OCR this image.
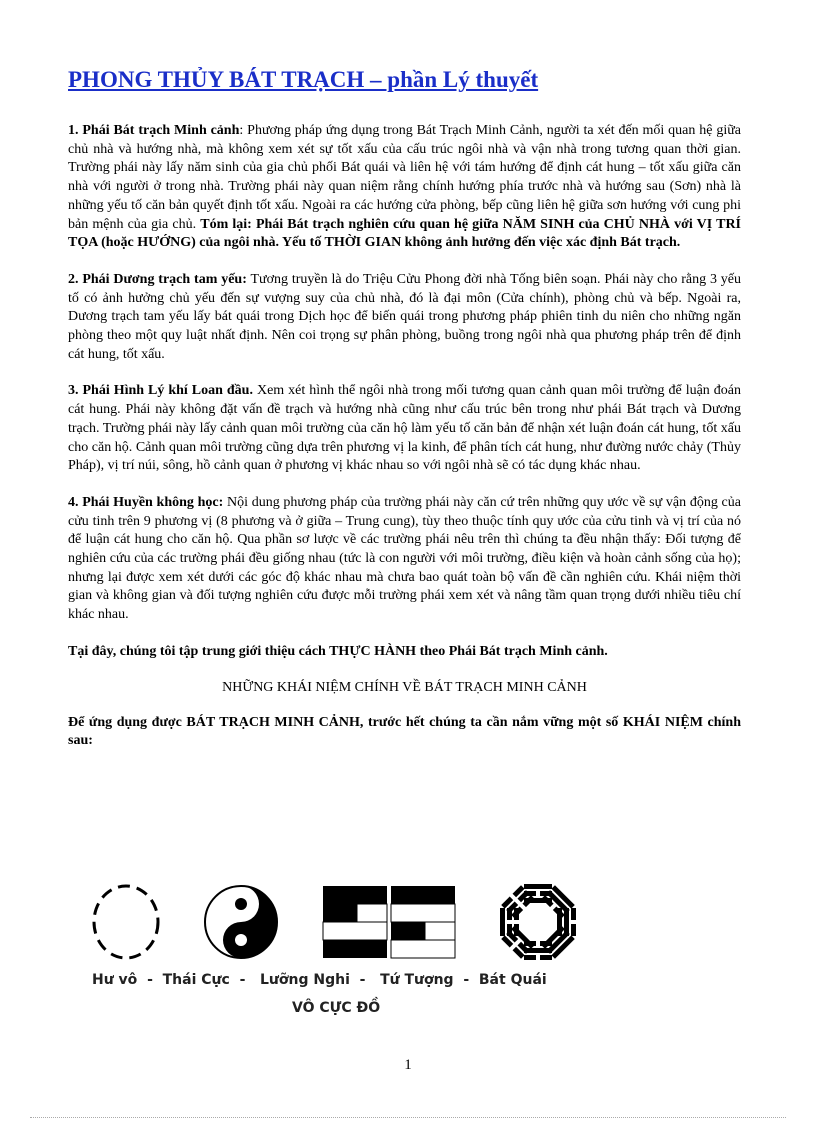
PHONG THỦY BÁT TRẠCH – phần Lý thuyết

1. Phái Bát trạch Minh cảnh: Phương pháp ứng dụng trong Bát Trạch Minh Cảnh, người ta xét đến mối quan hệ giữa chủ nhà và hướng nhà, mà không xem xét sự tốt xấu của cấu trúc ngôi nhà và vận nhà trong tương quan thời gian. Trường phái này lấy năm sinh của gia chủ phối Bát quái và liên hệ với tám hướng để định cát hung – tốt xấu giữa căn nhà với người ở trong nhà. Trường phái này quan niệm rằng chính hướng phía trước nhà và hướng sau (Sơn) nhà là những yếu tố căn bản quyết định tốt xấu. Ngoài ra các hướng cửa phòng, bếp cũng liên hệ giữa sơn hướng với cung phi bản mệnh của gia chủ. Tóm lại: Phái Bát trạch nghiên cứu quan hệ giữa NĂM SINH của CHỦ NHÀ với VỊ TRÍ TỌA (hoặc HƯỚNG) của ngôi nhà. Yếu tố THỜI GIAN không ảnh hưởng đến việc xác định Bát trạch.

2. Phái Dương trạch tam yếu: Tương truyền là do Triệu Cửu Phong đời nhà Tống biên soạn. Phái này cho rằng 3 yếu tố có ảnh hưởng chủ yếu đến sự vượng suy của chủ nhà, đó là đại môn (Cửa chính), phòng chủ và bếp. Ngoài ra, Dương trạch tam yếu lấy bát quái trong Dịch học để biến quái trong phương pháp phiên tinh du niên cho những ngăn phòng theo một quy luật nhất định. Nên coi trọng sự phân phòng, buồng trong ngôi nhà qua phương pháp trên để định cát hung, tốt xấu.

3. Phái Hình Lý khí Loan đầu. Xem xét hình thể ngôi nhà trong mối tương quan cảnh quan môi trường để luận đoán cát hung. Phái này không đặt vấn đề trạch và hướng nhà cũng như cấu trúc bên trong như phái Bát trạch và Dương trạch. Trường phái này lấy cảnh quan môi trường của căn hộ làm yếu tố căn bản để nhận xét luận đoán cát hung, tốt xấu cho căn hộ. Cảnh quan môi trường cũng dựa trên phương vị la kinh, để phân tích cát hung, như đường nước chảy (Thủy Pháp), vị trí núi, sông, hồ cảnh quan ở phương vị khác nhau so với ngôi nhà sẽ có tác dụng khác nhau.

4. Phái Huyền không học: Nội dung phương pháp của trường phái này căn cứ trên những quy ước về sự vận động của cửu tinh trên 9 phương vị (8 phương và ở giữa – Trung cung), tùy theo thuộc tính quy ước của cửu tinh và vị trí của nó để luận cát hung cho căn hộ. Qua phần sơ lược về các trường phái nêu trên thì chúng ta đều nhận thấy: Đối tượng để nghiên cứu của các trường phái đều giống nhau (tức là con người với môi trường, điều kiện và hoàn cảnh sống của họ); nhưng lại được xem xét dưới các góc độ khác nhau mà chưa bao quát toàn bộ vấn đề cần nghiên cứu. Khái niệm thời gian và không gian và đối tượng nghiên cứu được mỗi trường phái xem xét và nâng tầm quan trọng dưới nhiều tiêu chí khác nhau.

Tại đây, chúng tôi tập trung giới thiệu cách THỰC HÀNH theo Phái Bát trạch Minh cảnh.

NHỮNG KHÁI NIỆM CHÍNH VỀ BÁT TRẠCH MINH CẢNH

Để ứng dụng được BÁT TRẠCH MINH CẢNH, trước hết chúng ta cần nắm vững một số KHÁI NIỆM chính sau:

Hư vô - Thái Cực - Lưỡng Nghi - Tứ Tượng - Bát Quái
VÔ CỰC ĐỒ
1
